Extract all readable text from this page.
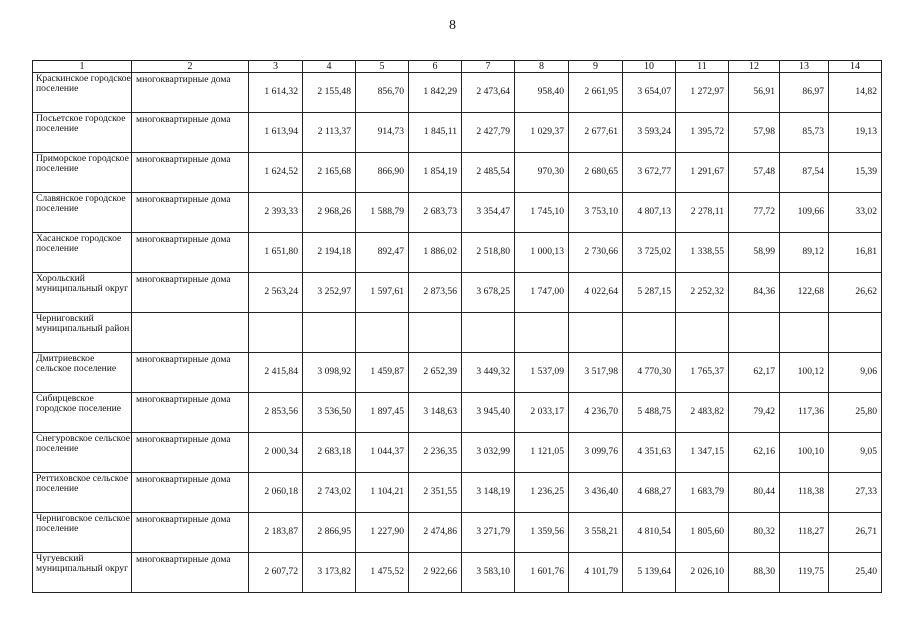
8
1	2	3	4	5	6	7	8	9	10	11	12	13	14
Краскинское городское поселение	многоквартирные дома	1 614,32	2 155,48	856,70	1 842,29	2 473,64	958,40	2 661,95	3 654,07	1 272,97	56,91	86,97	14,82
Посьетское городское поселение	многоквартирные дома	1 613,94	2 113,37	914,73	1 845,11	2 427,79	1 029,37	2 677,61	3 593,24	1 395,72	57,98	85,73	19,13
Приморское городское поселение	многоквартирные дома	1 624,52	2 165,68	866,90	1 854,19	2 485,54	970,30	2 680,65	3 672,77	1 291,67	57,48	87,54	15,39
Славянское городское поселение	многоквартирные дома	2 393,33	2 968,26	1 588,79	2 683,73	3 354,47	1 745,10	3 753,10	4 807,13	2 278,11	77,72	109,66	33,02
Хасанское городское поселение	многоквартирные дома	1 651,80	2 194,18	892,47	1 886,02	2 518,80	1 000,13	2 730,66	3 725,02	1 338,55	58,99	89,12	16,81
Хорольский муниципальный округ	многоквартирные дома	2 563,24	3 252,97	1 597,61	2 873,56	3 678,25	1 747,00	4 022,64	5 287,15	2 252,32	84,36	122,68	26,62
Черниговский муниципальный район													
Дмитриевское сельское поселение	многоквартирные дома	2 415,84	3 098,92	1 459,87	2 652,39	3 449,32	1 537,09	3 517,98	4 770,30	1 765,37	62,17	100,12	9,06
Сибирцевское городское поселение	многоквартирные дома	2 853,56	3 536,50	1 897,45	3 148,63	3 945,40	2 033,17	4 236,70	5 488,75	2 483,82	79,42	117,36	25,80
Снегуровское сельское поселение	многоквартирные дома	2 000,34	2 683,18	1 044,37	2 236,35	3 032,99	1 121,05	3 099,76	4 351,63	1 347,15	62,16	100,10	9,05
Реттиховское сельское поселение	многоквартирные дома	2 060,18	2 743,02	1 104,21	2 351,55	3 148,19	1 236,25	3 436,40	4 688,27	1 683,79	80,44	118,38	27,33
Черниговское сельское поселение	многоквартирные дома	2 183,87	2 866,95	1 227,90	2 474,86	3 271,79	1 359,56	3 558,21	4 810,54	1 805,60	80,32	118,27	26,71
Чугуевский муниципальный округ	многоквартирные дома	2 607,72	3 173,82	1 475,52	2 922,66	3 583,10	1 601,76	4 101,79	5 139,64	2 026,10	88,30	119,75	25,40
